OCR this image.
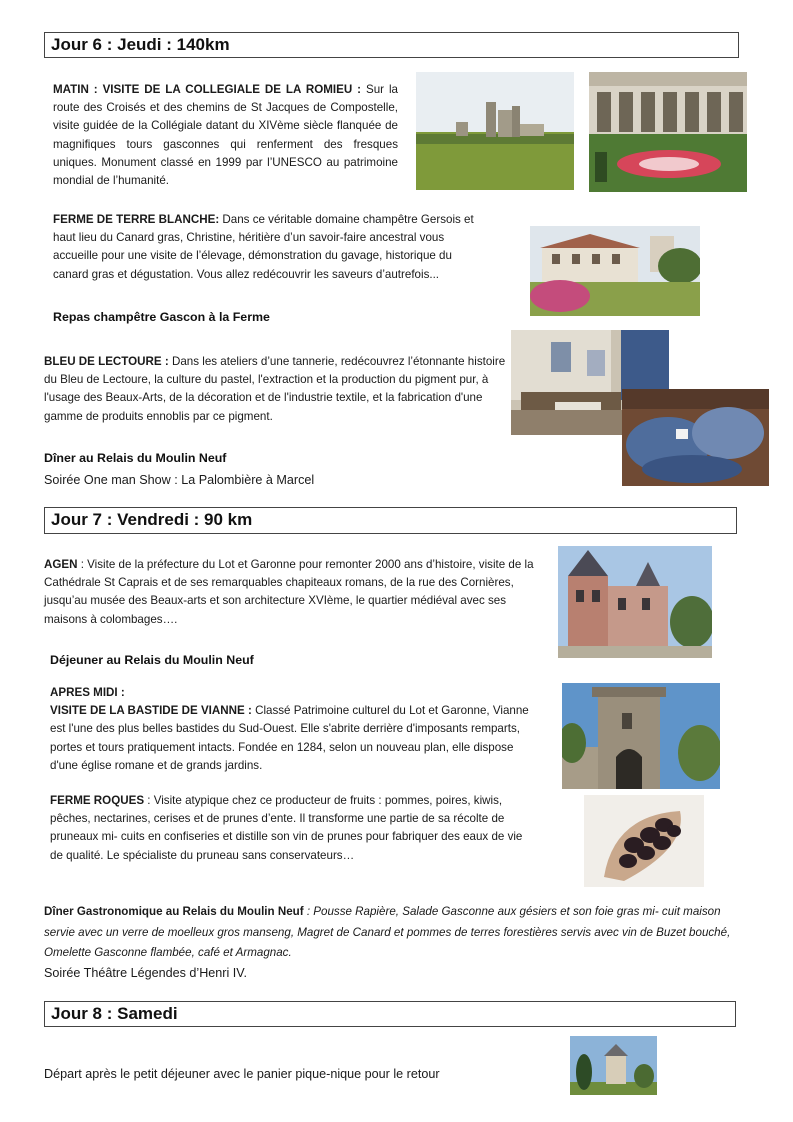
Jour 6 : Jeudi : 140km
MATIN : VISITE DE LA COLLEGIALE DE LA ROMIEU : Sur la route des Croisés et des chemins de St Jacques de Compostelle, visite guidée de la Collégiale datant du XIVème siècle flanquée de magnifiques tours gasconnes qui renferment des fresques uniques. Monument classé en 1999 par l’UNESCO au patrimoine mondial de l’humanité.
FERME DE TERRE BLANCHE: Dans ce véritable domaine champêtre Gersois et haut lieu du Canard gras, Christine, héritière d’un savoir-faire ancestral vous accueille pour une visite de l’élevage, démonstration du gavage, historique du canard gras et dégustation. Vous allez redécouvrir les saveurs d’autrefois...
Repas champêtre Gascon à la Ferme
BLEU DE LECTOURE : Dans les ateliers d’une tannerie, redécouvrez l’étonnante histoire du Bleu de Lectoure, la culture du pastel, l'extraction et la production du pigment pur, à l'usage des Beaux-Arts, de la décoration et de l'industrie textile, et la fabrication d'une gamme de produits ennoblis par ce pigment.
Dîner au Relais du Moulin Neuf
Soirée One man Show : La Palombière à Marcel
Jour 7 : Vendredi : 90 km
AGEN : Visite de la préfecture du Lot et Garonne pour remonter 2000 ans d’histoire, visite de la Cathédrale St Caprais et de ses remarquables chapiteaux romans, de la rue des Cornières, jusqu’au musée des Beaux-arts et son architecture XVIème, le quartier médiéval avec ses maisons à colombages….
Déjeuner au Relais du Moulin Neuf
APRES MIDI :
VISITE DE LA BASTIDE DE VIANNE : Classé Patrimoine culturel du Lot et Garonne, Vianne est l'une des plus belles bastides du Sud-Ouest. Elle s'abrite derrière d'imposants remparts, portes et tours pratiquement intacts. Fondée en 1284, selon un nouveau plan, elle dispose d'une église romane et de grands jardins.
FERME ROQUES : Visite atypique chez ce producteur de fruits : pommes, poires, kiwis, pêches, nectarines, cerises et de prunes d’ente. Il transforme une partie de sa récolte de pruneaux mi- cuits en confiseries et distille son vin de prunes pour fabriquer des eaux de vie de qualité. Le spécialiste du pruneau sans conservateurs…
Dîner Gastronomique au Relais du Moulin Neuf : Pousse Rapière, Salade Gasconne aux gésiers et son foie gras mi- cuit maison servie avec un verre de moelleux gros manseng, Magret de Canard et pommes de terres forestières servis avec vin de Buzet bouché, Omelette Gasconne flambée, café et Armagnac.
Soirée Théâtre Légendes d’Henri IV.
Jour 8 : Samedi
Départ après le petit déjeuner avec le panier pique-nique pour le retour
